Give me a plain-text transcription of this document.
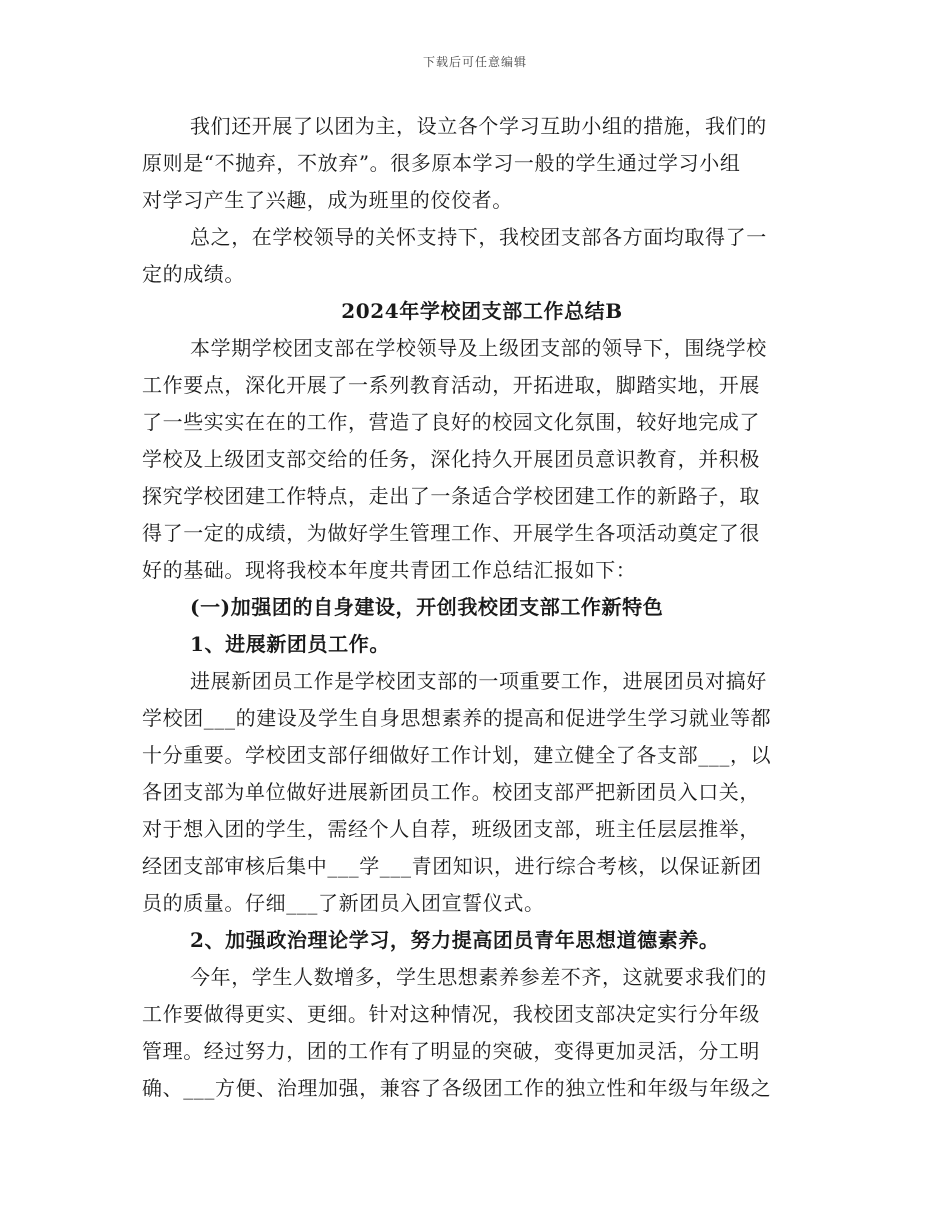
下载后可任意编辑
我们还开展了以团为主，设立各个学习互助小组的措施，我们的
原则是“不抛弃，不放弃”。很多原本学习一般的学生通过学习小组
对学习产生了兴趣，成为班里的佼佼者。
总之，在学校领导的关怀支持下，我校团支部各方面均取得了一
定的成绩。
2024年学校团支部工作总结B
本学期学校团支部在学校领导及上级团支部的领导下，围绕学校
工作要点，深化开展了一系列教育活动，开拓进取，脚踏实地，开展
了一些实实在在的工作，营造了良好的校园文化氛围，较好地完成了
学校及上级团支部交给的任务，深化持久开展团员意识教育，并积极
探究学校团建工作特点，走出了一条适合学校团建工作的新路子，取
得了一定的成绩，为做好学生管理工作、开展学生各项活动奠定了很
好的基础。现将我校本年度共青团工作总结汇报如下：
(一)加强团的自身建设，开创我校团支部工作新特色
1、进展新团员工作。
进展新团员工作是学校团支部的一项重要工作，进展团员对搞好
学校团___的建设及学生自身思想素养的提高和促进学生学习就业等都
十分重要。学校团支部仔细做好工作计划，建立健全了各支部___，以
各团支部为单位做好进展新团员工作。校团支部严把新团员入口关，
对于想入团的学生，需经个人自荐，班级团支部，班主任层层推举，
经团支部审核后集中___学___青团知识，进行综合考核，以保证新团
员的质量。仔细___了新团员入团宣誓仪式。
2、加强政治理论学习，努力提高团员青年思想道德素养。
今年，学生人数增多，学生思想素养参差不齐，这就要求我们的
工作要做得更实、更细。针对这种情况，我校团支部决定实行分年级
管理。经过努力，团的工作有了明显的突破，变得更加灵活，分工明
确、___方便、治理加强，兼容了各级团工作的独立性和年级与年级之
